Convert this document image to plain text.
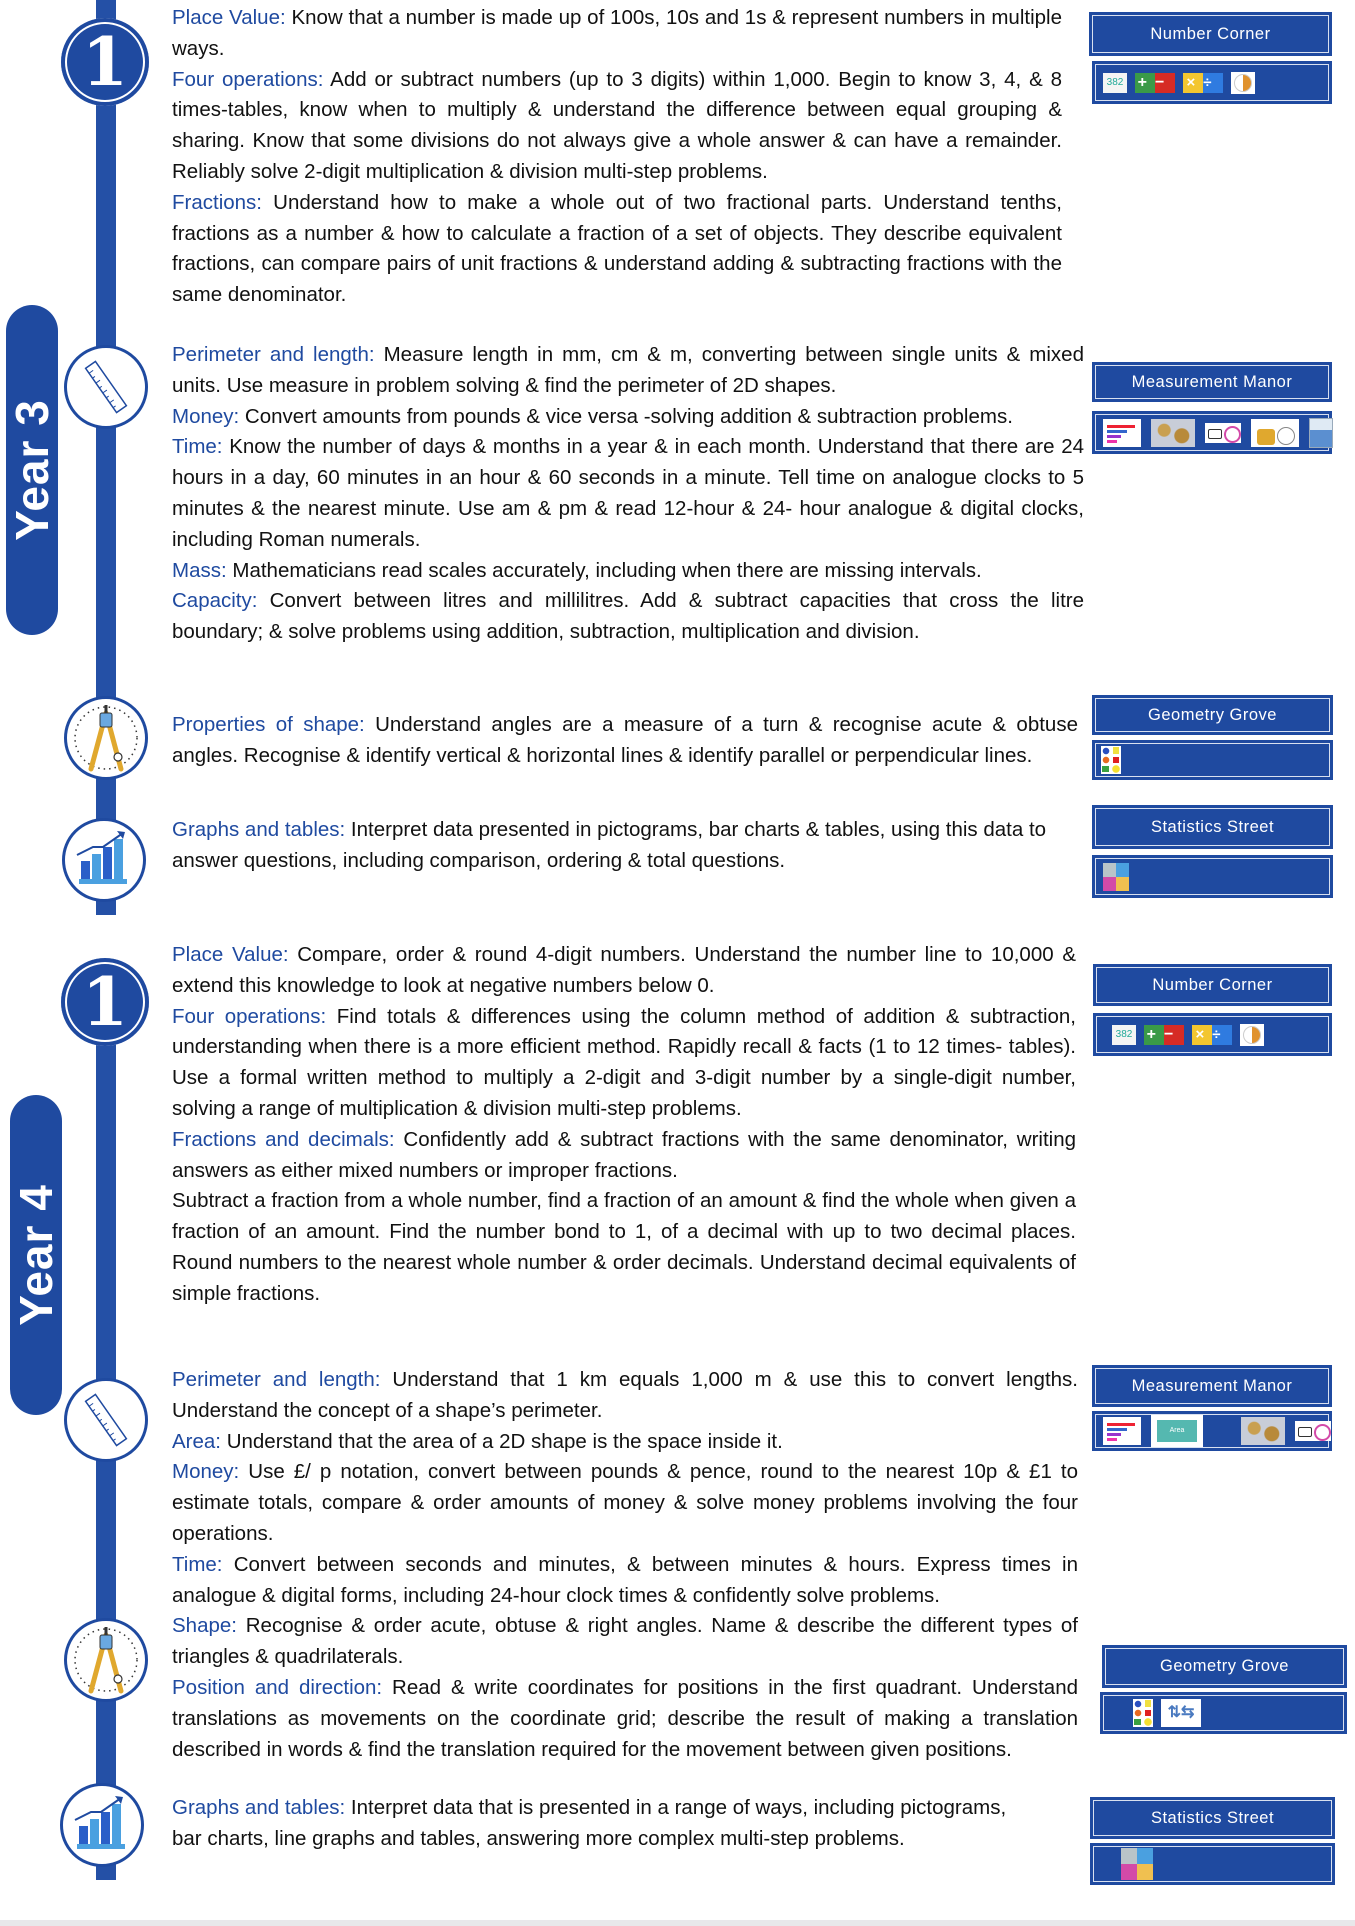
1
Year 3
1
Year 4

Place Value: Know that a number is made up of 100s, 10s and 1s & represent numbers in multiple ways.

Four operations: Add or subtract numbers (up to 3 digits) within 1,000. Begin to know 3, 4, & 8 times-tables, know when to multiply & understand the difference between equal grouping & sharing. Know that some divisions do not always give a whole answer & can have a remainder. Reliably solve 2-digit multiplication & division multi-step problems.

Fractions: Understand how to make a whole out of two fractional parts. Understand tenths, fractions as a number & how to calculate a fraction of a set of objects. They describe equivalent fractions, can compare pairs of unit fractions & understand adding & subtracting fractions with the same denominator.

Perimeter and length: Measure length in mm, cm & m, converting between single units & mixed units. Use measure in problem solving & find the perimeter of 2D shapes.

Money: Convert amounts from pounds & vice versa -solving addition & subtraction problems.

Time: Know the number of days & months in a year & in each month. Understand that there are 24 hours in a day, 60 minutes in an hour & 60 seconds in a minute. Tell time on analogue clocks to 5 minutes & the nearest minute. Use am & pm & read 12-hour & 24- hour analogue & digital clocks, including Roman numerals.

Mass: Mathematicians read scales accurately, including when there are missing intervals.

Capacity: Convert between litres and millilitres. Add & subtract capacities that cross the litre boundary; & solve problems using addition, subtraction, multiplication and division.

Properties of shape: Understand angles are a measure of a turn & recognise acute & obtuse angles. Recognise & identify vertical & horizontal lines & identify parallel or perpendicular lines.

Graphs and tables: Interpret data presented in pictograms, bar charts & tables, using this data to answer questions, including comparison, ordering & total questions.

Place Value: Compare, order & round 4-digit numbers. Understand the number line to 10,000 & extend this knowledge to look at negative numbers below 0.

Four operations: Find totals & differences using the column method of addition & subtraction, understanding when there is a more efficient method. Rapidly recall & facts (1 to 12 times- tables). Use a formal written method to multiply a 2-digit and 3-digit number by a single-digit number, solving a range of multiplication & division multi-step problems.

Fractions and decimals: Confidently add & subtract fractions with the same denominator, writing answers as either mixed numbers or improper fractions.

Subtract a fraction from a whole number, find a fraction of an amount & find the whole when given a fraction of an amount. Find the number bond to 1, of a decimal with up to two decimal places. Round numbers to the nearest whole number & order decimals. Understand decimal equivalents of simple fractions.

Perimeter and length: Understand that 1 km equals 1,000 m & use this to convert lengths. Understand the concept of a shape’s perimeter.

Area: Understand that the area of a 2D shape is the space inside it.

Money: Use £/ p notation, convert between pounds & pence, round to the nearest 10p & £1 to estimate totals, compare & order amounts of money & solve money problems involving the four operations.

Time: Convert between seconds and minutes, & between minutes & hours. Express times in analogue & digital forms, including 24-hour clock times & confidently solve problems.

Shape: Recognise & order acute, obtuse & right angles. Name & describe the different types of triangles & quadrilaterals.

Position and direction: Read & write coordinates for positions in the first quadrant. Understand translations as movements on the coordinate grid; describe the result of making a translation described in words & find the translation required for the movement between given positions.

Graphs and tables: Interpret data that is presented in a range of ways, including pictograms, bar charts, line graphs and tables, answering more complex multi-step problems.

Number Corner
382 +− ×÷
Measurement Manor
Geometry Grove
Statistics Street
Number Corner
382 +− ×÷
Measurement Manor
Area
Geometry Grove
⇅⇆
Statistics Street
